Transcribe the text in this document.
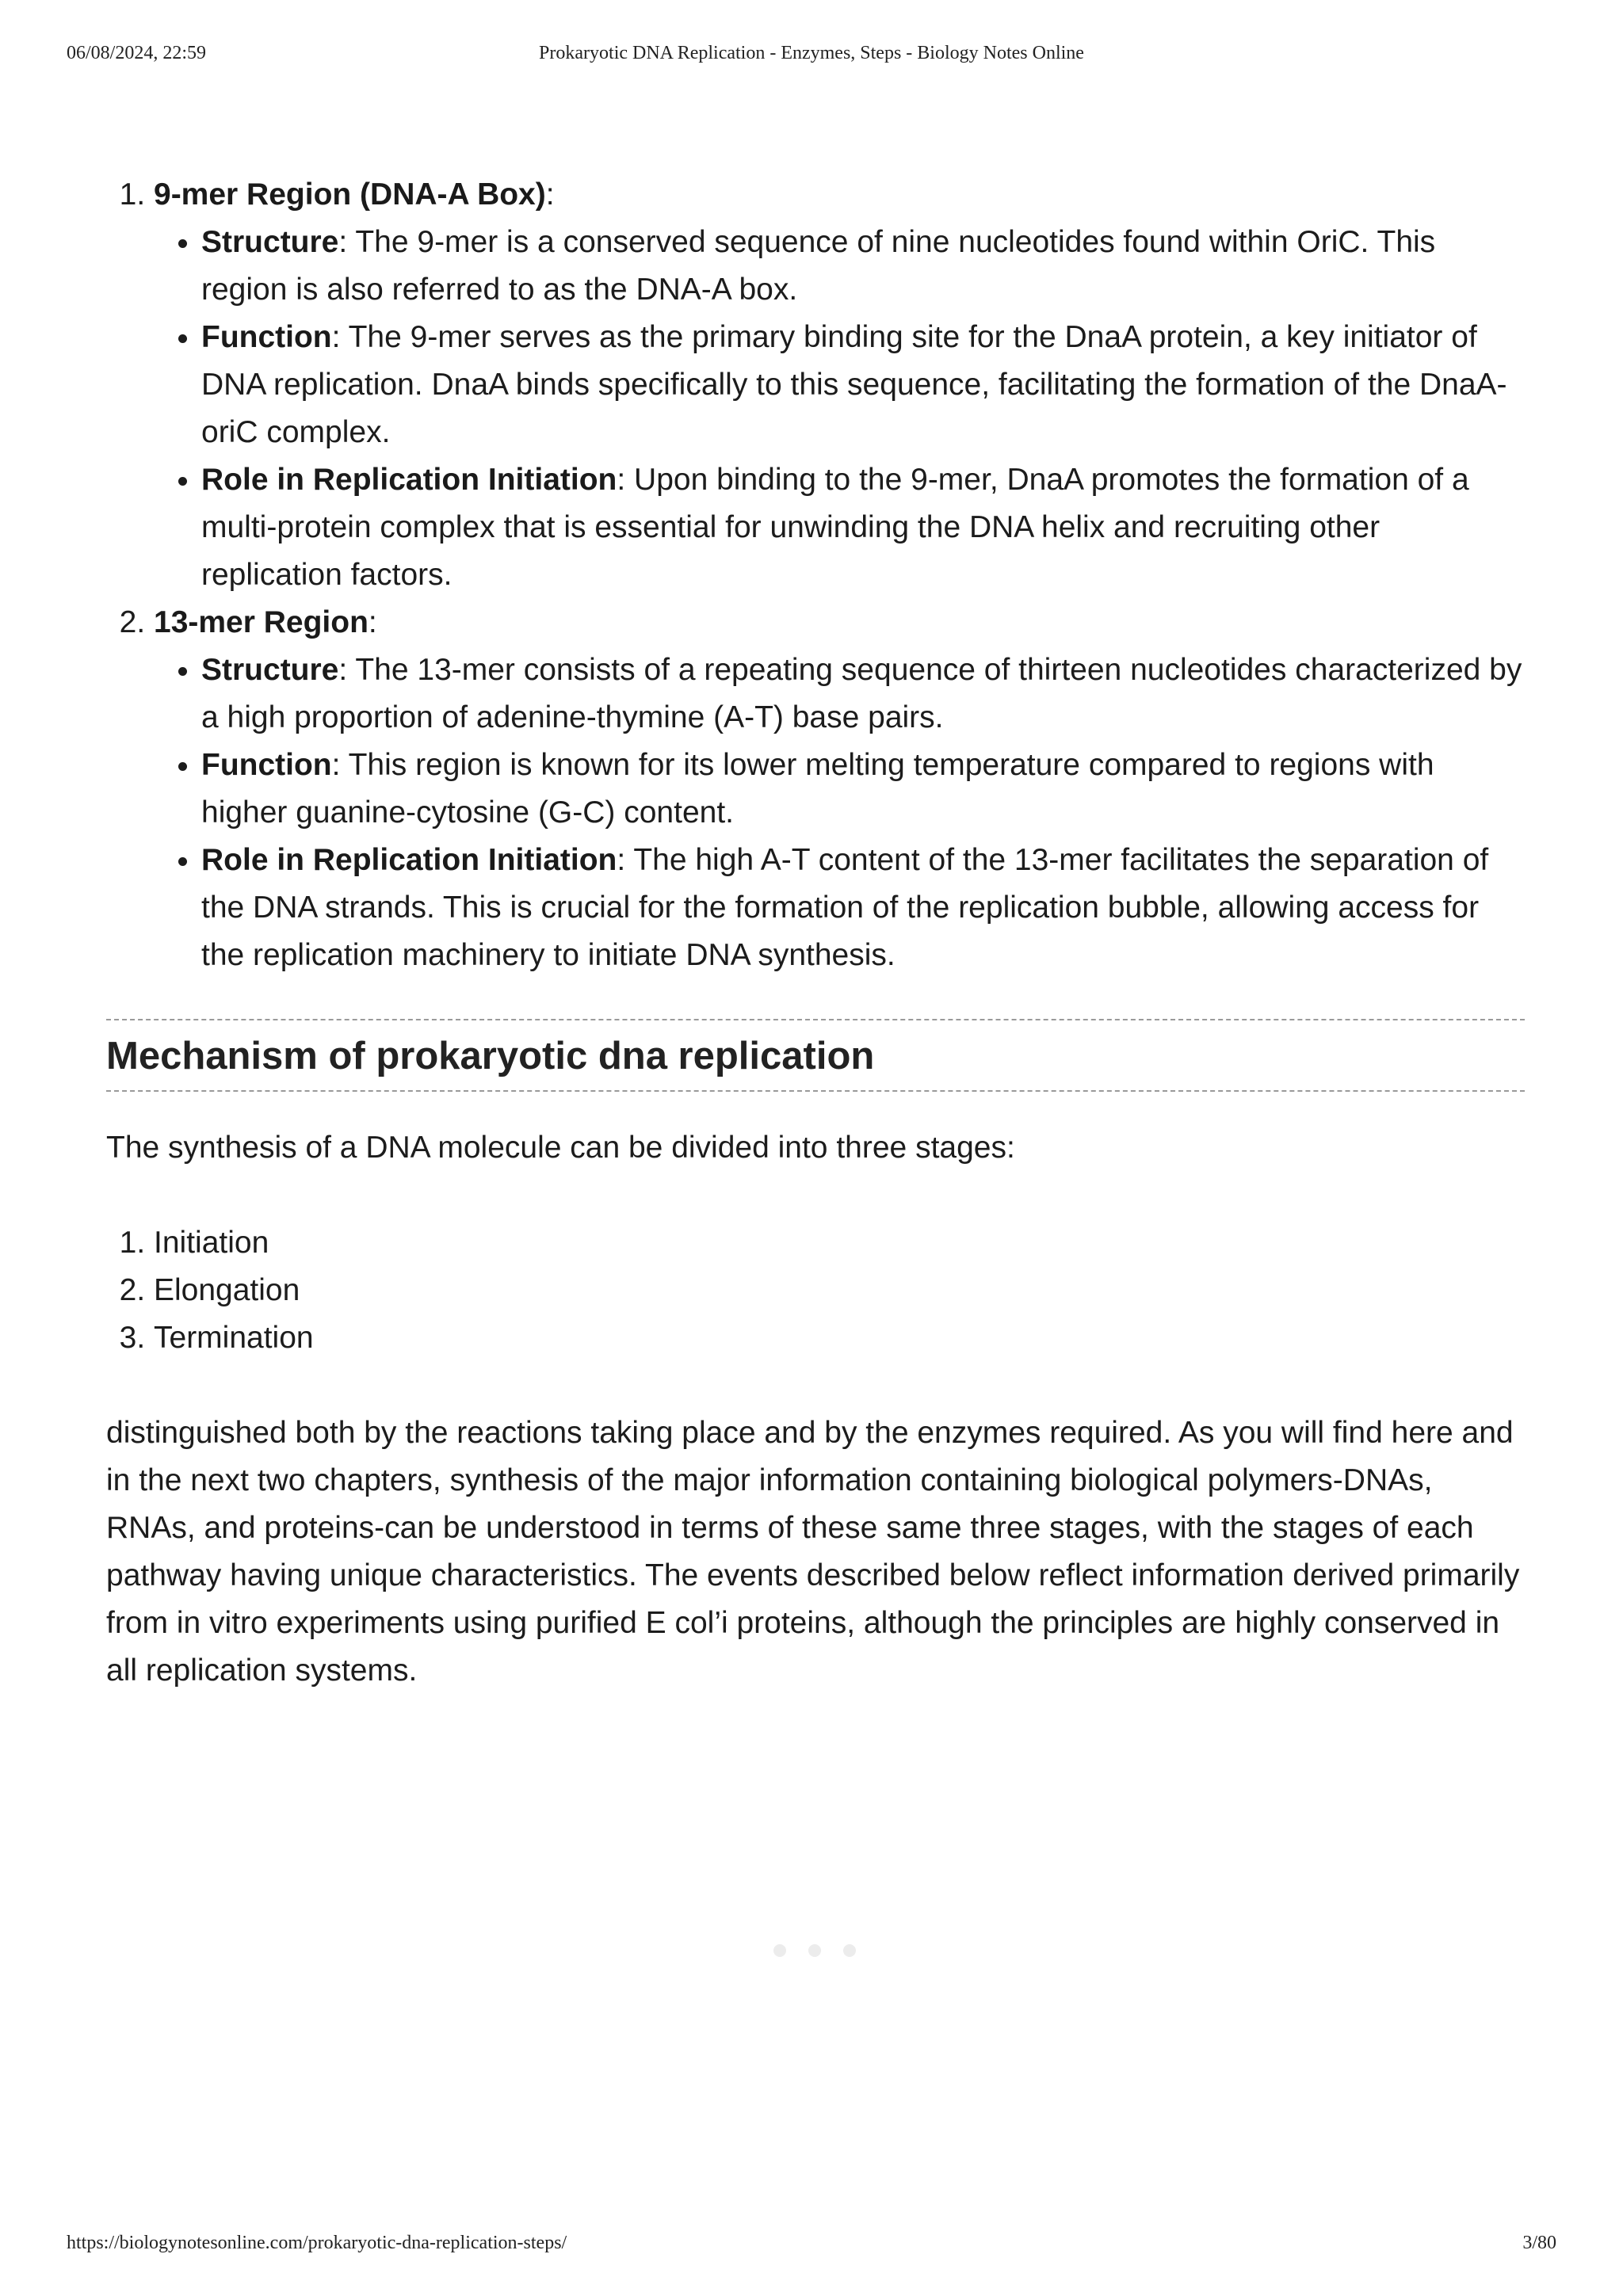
06/08/2024, 22:59	Prokaryotic DNA Replication - Enzymes, Steps - Biology Notes Online
1. 9-mer Region (DNA-A Box):
• Structure: The 9-mer is a conserved sequence of nine nucleotides found within OriC. This region is also referred to as the DNA-A box.
• Function: The 9-mer serves as the primary binding site for the DnaA protein, a key initiator of DNA replication. DnaA binds specifically to this sequence, facilitating the formation of the DnaA-oriC complex.
• Role in Replication Initiation: Upon binding to the 9-mer, DnaA promotes the formation of a multi-protein complex that is essential for unwinding the DNA helix and recruiting other replication factors.
2. 13-mer Region:
• Structure: The 13-mer consists of a repeating sequence of thirteen nucleotides characterized by a high proportion of adenine-thymine (A-T) base pairs.
• Function: This region is known for its lower melting temperature compared to regions with higher guanine-cytosine (G-C) content.
• Role in Replication Initiation: The high A-T content of the 13-mer facilitates the separation of the DNA strands. This is crucial for the formation of the replication bubble, allowing access for the replication machinery to initiate DNA synthesis.
Mechanism of prokaryotic dna replication

The synthesis of a DNA molecule can be divided into three stages:

1. Initiation
2. Elongation
3. Termination

distinguished both by the reactions taking place and by the enzymes required. As you will find here and in the next two chapters, synthesis of the major information containing biological polymers-DNAs, RNAs, and proteins-can be understood in terms of these same three stages, with the stages of each pathway having unique characteristics. The events described below reflect information derived primarily from in vitro experiments using purified E col’i proteins, although the principles are highly conserved in all replication systems.

https://biologynotesonline.com/prokaryotic-dna-replication-steps/	3/80
